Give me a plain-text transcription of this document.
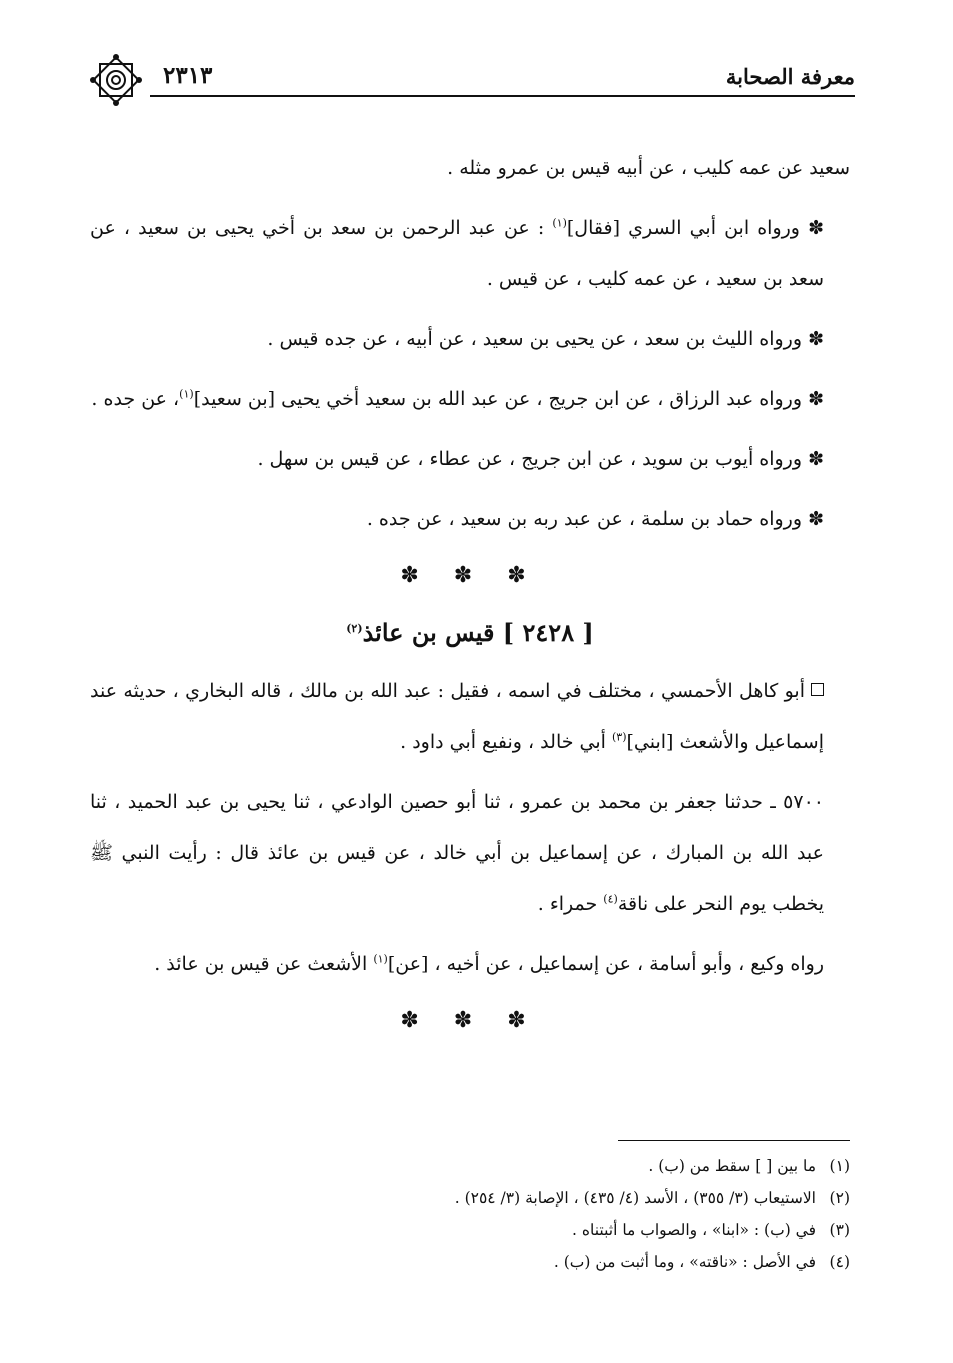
معرفة الصحابة
٢٣١٣

سعيد عن عمه كليب ، عن أبيه قيس بن عمرو مثله .

✽ ورواه ابن أبي السري [فقال]$^{(١)}$ : عن عبد الرحمن بن سعد بن أخي يحيى بن سعيد ، عن سعد بن سعيد ، عن عمه كليب ، عن قيس .

✽ ورواه الليث بن سعد ، عن يحيى بن سعيد ، عن أبيه ، عن جده قيس .

✽ ورواه عبد الرزاق ، عن ابن جريج ، عن عبد الله بن سعيد أخي يحيى [بن سعيد]$^{(١)}$، عن جده .

✽ ورواه أيوب بن سويد ، عن ابن جريج ، عن عطاء ، عن قيس بن سهل .

✽ ورواه حماد بن سلمة ، عن عبد ربه بن سعيد ، عن جده .

✽ ✽ ✽
[ ٢٤٢٨ ] قيس بن عائذ$^{(٢)}$

أبو كاهل الأحمسي ، مختلف في اسمه ، فقيل : عبد الله بن مالك ، قاله البخاري ، حديثه عند إسماعيل والأشعث [ابني]$^{(٣)}$ أبي خالد ، ونفيع أبي داود .

٥٧٠٠ ـ حدثنا جعفر بن محمد بن عمرو ، ثنا أبو حصين الوادعي ، ثنا يحيى بن عبد الحميد ، ثنا عبد الله بن المبارك ، عن إسماعيل بن أبي خالد ، عن قيس بن عائذ قال : رأيت النبي ﷺ يخطب يوم النحر على ناقة$^{(٤)}$ حمراء .

رواه وكيع ، وأبو أسامة ، عن إسماعيل ، عن أخيه ، [عن]$^{(١)}$ الأشعث عن قيس بن عائذ .

✽ ✽ ✽
(١)ما بين [ ] سقط من (ب) .
(٢)الاستيعاب (٣/ ٣٥٥) ، الأسد (٤/ ٤٣٥) ، الإصابة (٣/ ٢٥٤) .
(٣)في (ب) : «ابنا» ، والصواب ما أثبتناه .
(٤)في الأصل : «ناقته» ، وما أثبت من (ب) .
